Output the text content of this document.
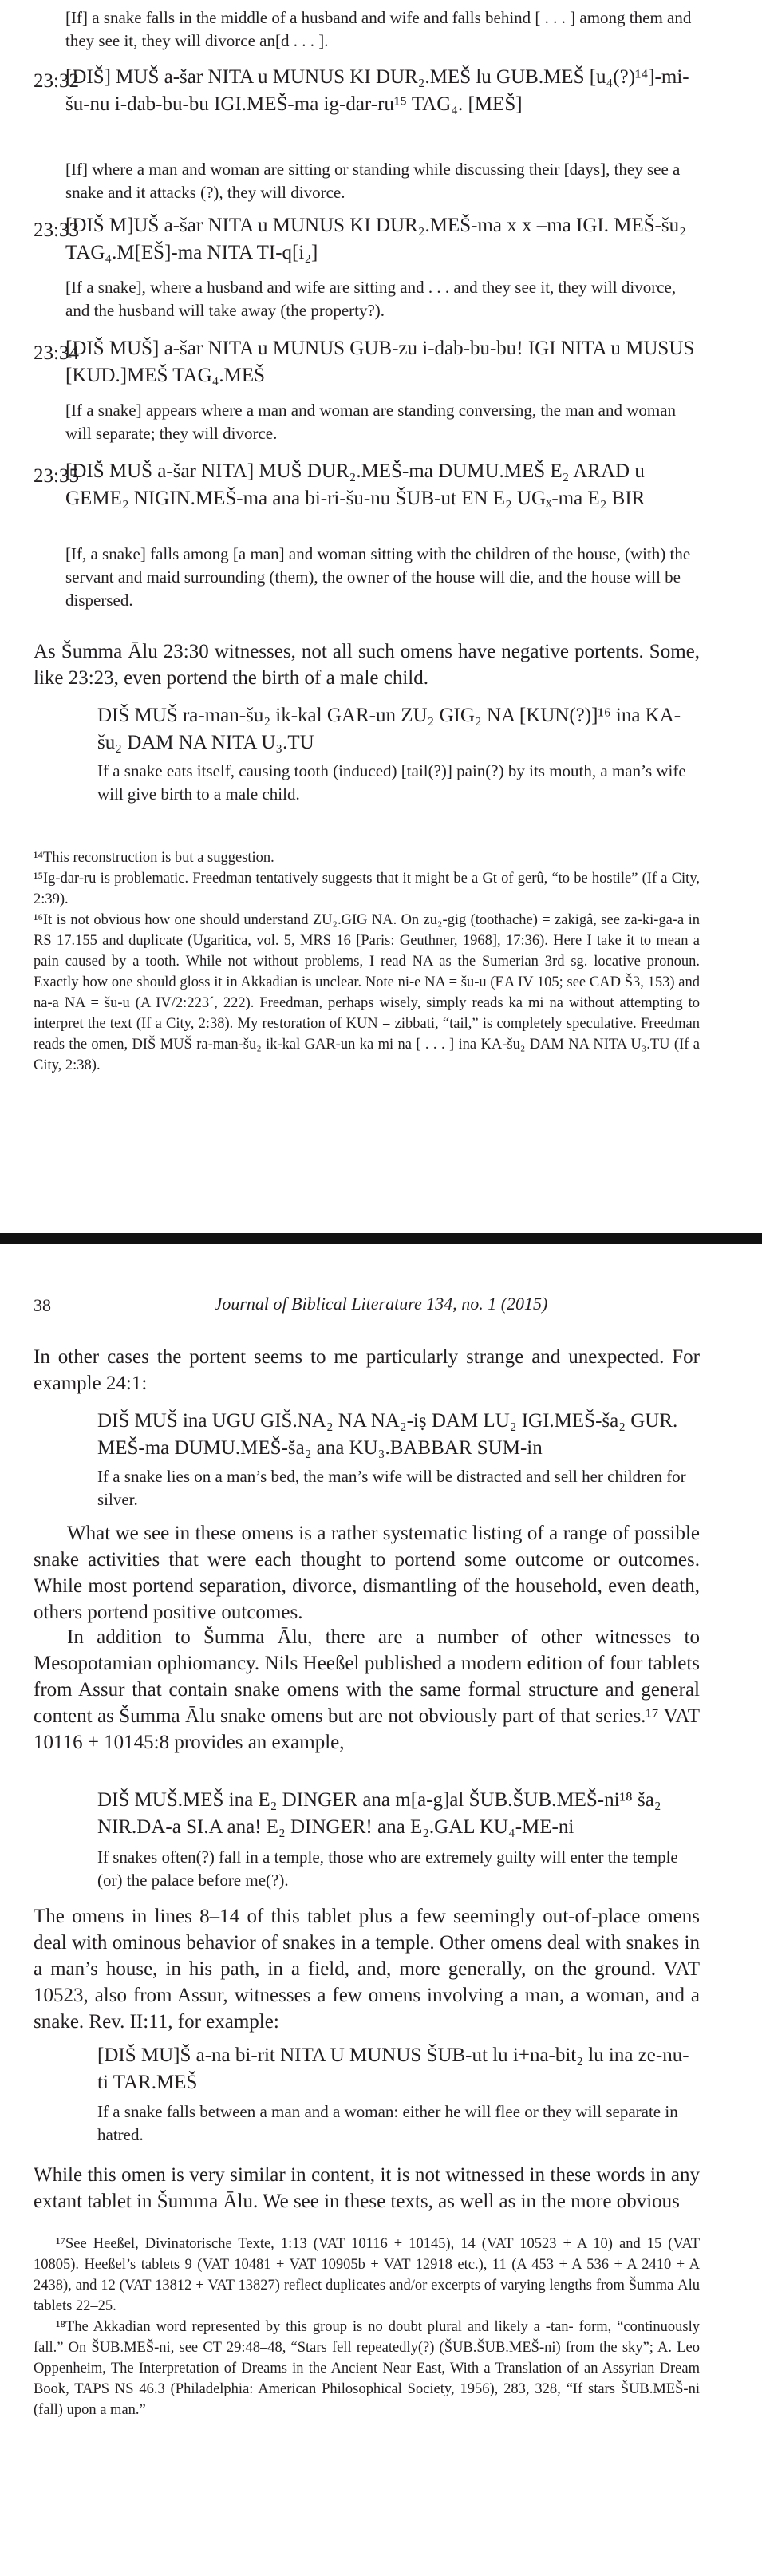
[If] a snake falls in the middle of a husband and wife and falls behind [ . . . ] among them and they see it, they will divorce an[d . . . ].

23:32

[DIŠ] MUŠ a-šar NITA u MUNUS KI DUR₂.MEŠ lu GUB.MEŠ [u₄(?)¹⁴]-mi-šu-nu i-dab-bu-bu IGI.MEŠ-ma ig-dar-ru¹⁵ TAG₄. [MEŠ]

[If] where a man and woman are sitting or standing while discussing their [days], they see a snake and it attacks (?), they will divorce.

23:33

[DIŠ M]UŠ a-šar NITA u MUNUS KI DUR₂.MEŠ-ma x x –ma IGI. MEŠ-šu₂ TAG₄.M[EŠ]-ma NITA TI-q[i₂]

[If a snake], where a husband and wife are sitting and . . . and they see it, they will divorce, and the husband will take away (the property?).

23:34

[DIŠ MUŠ] a-šar NITA u MUNUS GUB-zu i-dab-bu-bu! IGI NITA u MUSUS [KUD.]MEŠ TAG₄.MEŠ

[If a snake] appears where a man and woman are standing conversing, the man and woman will separate; they will divorce.

23:35

[DIŠ MUŠ a-šar NITA] MUŠ DUR₂.MEŠ-ma DUMU.MEŠ E₂ ARAD u GEME₂ NIGIN.MEŠ-ma ana bi-ri-šu-nu ŠUB-ut EN E₂ UGₓ-ma E₂ BIR

[If, a snake] falls among [a man] and woman sitting with the children of the house, (with) the servant and maid surrounding (them), the owner of the house will die, and the house will be dispersed.

As Šumma Ālu 23:30 witnesses, not all such omens have negative portents. Some, like 23:23, even portend the birth of a male child.

DIŠ MUŠ ra-man-šu₂ ik-kal GAR-un ZU₂ GIG₂ NA [KUN(?)]¹⁶ ina KA-šu₂ DAM NA NITA U₃.TU

If a snake eats itself, causing tooth (induced) [tail(?)] pain(?) by its mouth, a man’s wife will give birth to a male child.

¹⁴This reconstruction is but a suggestion.

¹⁵Ig-dar-ru is problematic. Freedman tentatively suggests that it might be a Gt of gerû, “to be hostile” (If a City, 2:39).

¹⁶It is not obvious how one should understand ZU₂.GIG NA. On zu₂-gig (toothache) = zakigâ, see za-ki-ga-a in RS 17.155 and duplicate (Ugaritica, vol. 5, MRS 16 [Paris: Geuthner, 1968], 17:36). Here I take it to mean a pain caused by a tooth. While not without problems, I read NA as the Sumerian 3rd sg. locative pronoun. Exactly how one should gloss it in Akkadian is unclear. Note ni-e NA = šu-u (EA IV 105; see CAD Š3, 153) and na-a NA = šu-u (A IV/2:223´, 222). Freedman, perhaps wisely, simply reads ka mi na without attempting to interpret the text (If a City, 2:38). My restoration of KUN = zibbati, “tail,” is completely speculative. Freedman reads the omen, DIŠ MUŠ ra-man-šu₂ ik-kal GAR-un ka mi na [ . . . ] ina KA-šu₂ DAM NA NITA U₃.TU (If a City, 2:38).

38	Journal of Biblical Literature 134, no. 1 (2015)

In other cases the portent seems to me particularly strange and unexpected. For example 24:1:

DIŠ MUŠ ina UGU GIŠ.NA₂ NA NA₂-iṣ DAM LU₂ IGI.MEŠ-ša₂ GUR. MEŠ-ma DUMU.MEŠ-ša₂ ana KU₃.BABBAR SUM-in

If a snake lies on a man’s bed, the man’s wife will be distracted and sell her children for silver.

What we see in these omens is a rather systematic listing of a range of possible snake activities that were each thought to portend some outcome or outcomes. While most portend separation, divorce, dismantling of the household, even death, others portend positive outcomes.

In addition to Šumma Ālu, there are a number of other witnesses to Mesopotamian ophiomancy. Nils Heeßel published a modern edition of four tablets from Assur that contain snake omens with the same formal structure and general content as Šumma Ālu snake omens but are not obviously part of that series.¹⁷ VAT 10116 + 10145:8 provides an example,

DIŠ MUŠ.MEŠ ina E₂ DINGER ana m[a-g]al ŠUB.ŠUB.MEŠ-ni¹⁸ ša₂ NIR.DA-a SI.A ana! E₂ DINGER! ana E₂.GAL KU₄-ME-ni

If snakes often(?) fall in a temple, those who are extremely guilty will enter the temple (or) the palace before me(?).

The omens in lines 8–14 of this tablet plus a few seemingly out-of-place omens deal with ominous behavior of snakes in a temple. Other omens deal with snakes in a man’s house, in his path, in a field, and, more generally, on the ground. VAT 10523, also from Assur, witnesses a few omens involving a man, a woman, and a snake. Rev. II:11, for example:

[DIŠ MU]Š a-na bi-rit NITA U MUNUS ŠUB-ut lu i+na-bit₂ lu ina ze-nu-ti TAR.MEŠ

If a snake falls between a man and a woman: either he will flee or they will separate in hatred.

While this omen is very similar in content, it is not witnessed in these words in any extant tablet in Šumma Ālu. We see in these texts, as well as in the more obvious

¹⁷See Heeßel, Divinatorische Texte, 1:13 (VAT 10116 + 10145), 14 (VAT 10523 + A 10) and 15 (VAT 10805). Heeßel’s tablets 9 (VAT 10481 + VAT 10905b + VAT 12918 etc.), 11 (A 453 + A 536 + A 2410 + A 2438), and 12 (VAT 13812 + VAT 13827) reflect duplicates and/or excerpts of varying lengths from Šumma Ālu tablets 22–25.

¹⁸The Akkadian word represented by this group is no doubt plural and likely a -tan- form, “continuously fall.” On ŠUB.MEŠ-ni, see CT 29:48–48, “Stars fell repeatedly(?) (ŠUB.ŠUB.MEŠ-ni) from the sky”; A. Leo Oppenheim, The Interpretation of Dreams in the Ancient Near East, With a Translation of an Assyrian Dream Book, TAPS NS 46.3 (Philadelphia: American Philosophical Society, 1956), 283, 328, “If stars ŠUB.MEŠ-ni (fall) upon a man.”
